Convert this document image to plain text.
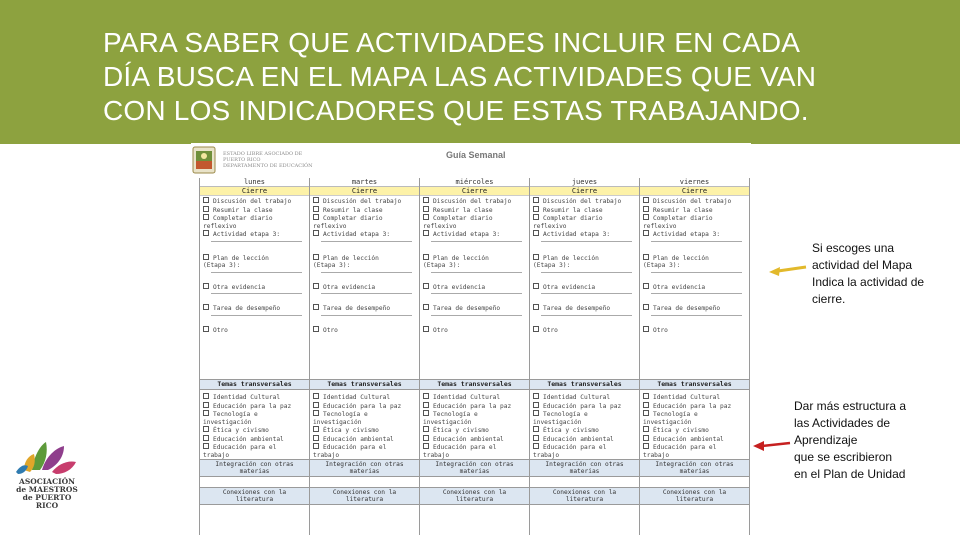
PARA SABER QUE ACTIVIDADES INCLUIR EN CADA
DÍA BUSCA EN EL MAPA LAS ACTIVIDADES QUE VAN
CON LOS INDICADORES QUE ESTAS TRABAJANDO.
ESTADO LIBRE ASOCIADO DE
PUERTO RICO
DEPARTAMENTO DE EDUCACIÓN
Guía Semanal
lunes
Cierre
Discusión del trabajo
Resumir la clase
Completar diario
reflexivo
Actividad etapa 3:
Plan de lección
(Etapa 3):
Otra evidencia
Tarea de desempeño
Otro
Temas transversales
Identidad Cultural
Educación para la paz
Tecnología e
investigación
Ética y civismo
Educación ambiental
Educación para el
trabajo
Integración con otras
materias
Conexiones con la
literatura
martes
Cierre
Discusión del trabajo
Resumir la clase
Completar diario
reflexivo
Actividad etapa 3:
Plan de lección
(Etapa 3):
Otra evidencia
Tarea de desempeño
Otro
Temas transversales
Identidad Cultural
Educación para la paz
Tecnología e
investigación
Ética y civismo
Educación ambiental
Educación para el
trabajo
Integración con otras
materias
Conexiones con la
literatura
miércoles
Cierre
Discusión del trabajo
Resumir la clase
Completar diario
reflexivo
Actividad etapa 3:
Plan de lección
(Etapa 3):
Otra evidencia
Tarea de desempeño
Otro
Temas transversales
Identidad Cultural
Educación para la paz
Tecnología e
investigación
Ética y civismo
Educación ambiental
Educación para el
trabajo
Integración con otras
materias
Conexiones con la
literatura
jueves
Cierre
Discusión del trabajo
Resumir la clase
Completar diario
reflexivo
Actividad etapa 3:
Plan de lección
(Etapa 3):
Otra evidencia
Tarea de desempeño
Otro
Temas transversales
Identidad Cultural
Educación para la paz
Tecnología e
investigación
Ética y civismo
Educación ambiental
Educación para el
trabajo
Integración con otras
materias
Conexiones con la
literatura
viernes
Cierre
Discusión del trabajo
Resumir la clase
Completar diario
reflexivo
Actividad etapa 3:
Plan de lección
(Etapa 3):
Otra evidencia
Tarea de desempeño
Otro
Temas transversales
Identidad Cultural
Educación para la paz
Tecnología e
investigación
Ética y civismo
Educación ambiental
Educación para el
trabajo
Integración con otras
materias
Conexiones con la
literatura
Si escoges una
actividad del Mapa
Indica la actividad de
cierre.
Dar más estructura a
las Actividades de
Aprendizaje
que se escribieron
en el Plan de Unidad
ASOCIACIÓN
de MAESTROS
de PUERTO RICO
